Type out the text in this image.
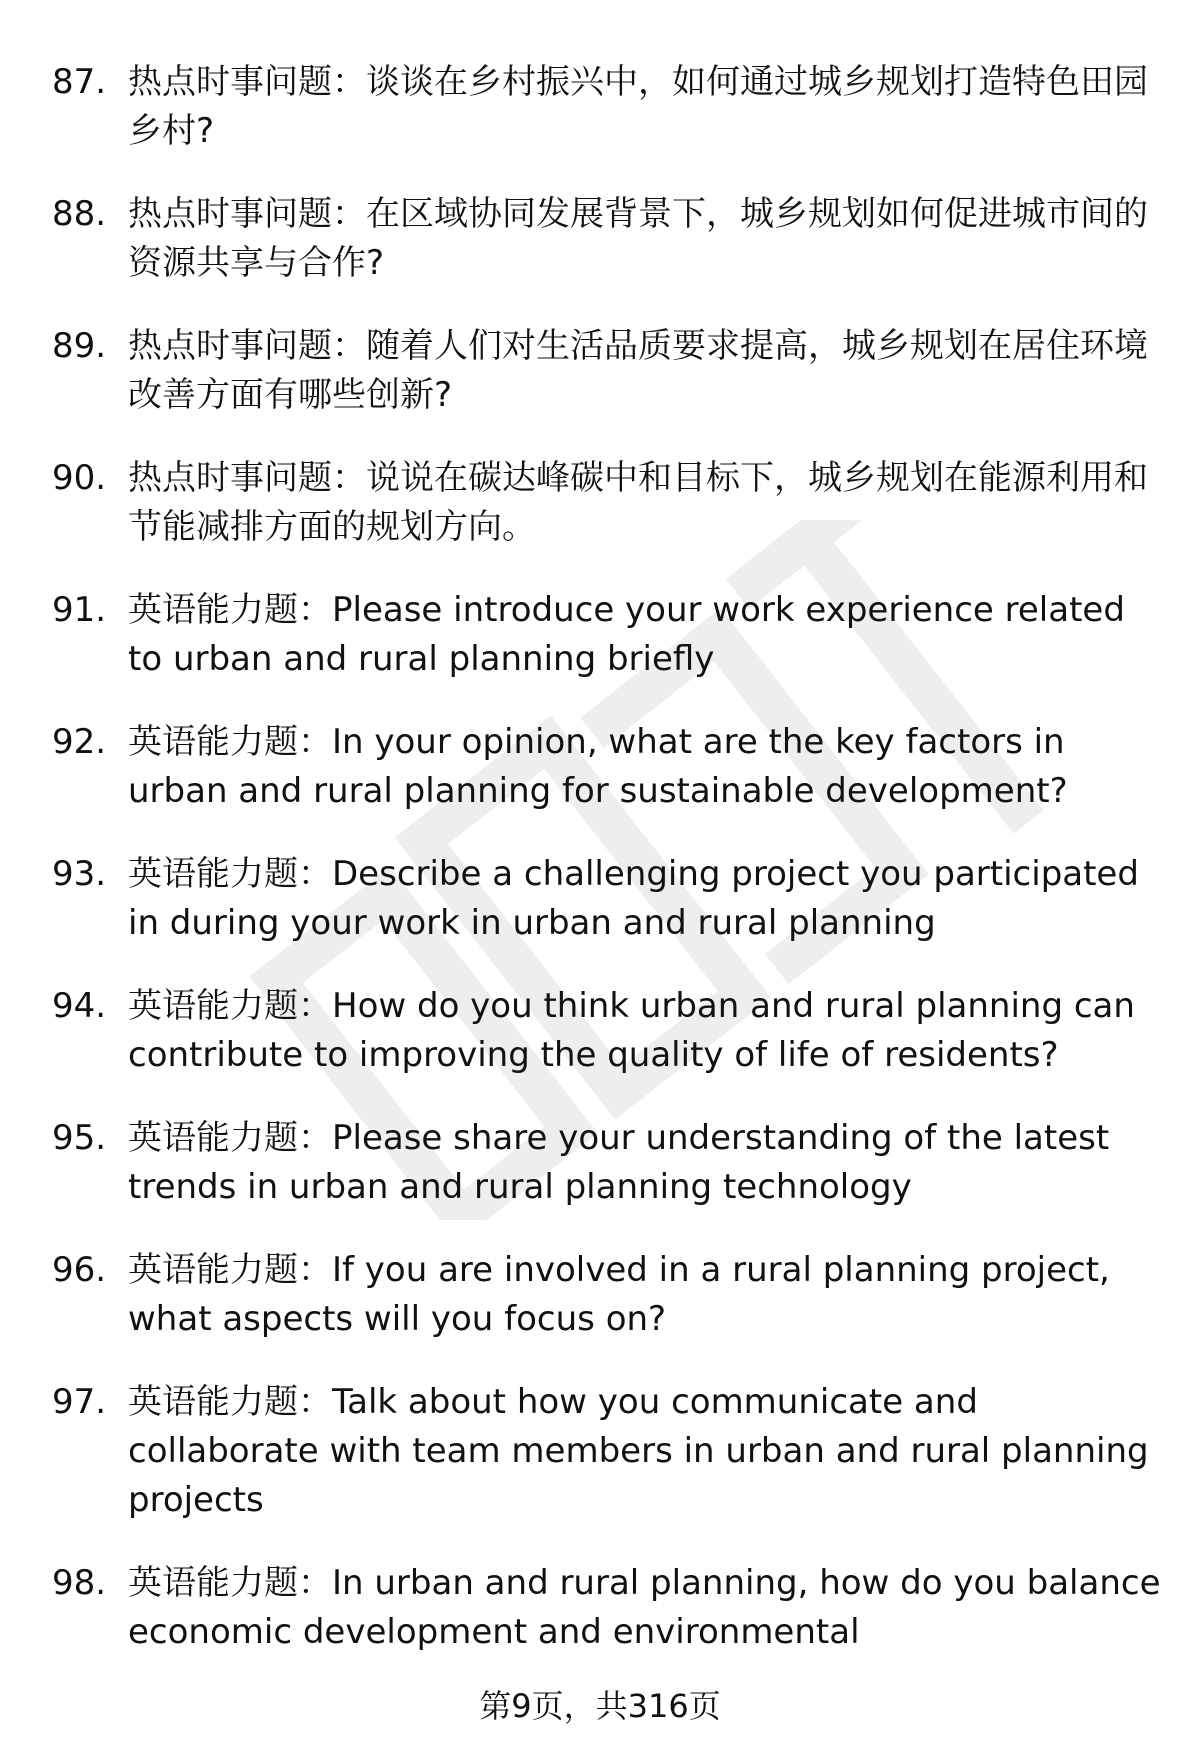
87. 热点时事问题：谈谈在乡村振兴中，如何通过城乡规划打造特色田园乡村?
88. 热点时事问题：在区域协同发展背景下，城乡规划如何促进城市间的资源共享与合作?
89. 热点时事问题：随着人们对生活品质要求提高，城乡规划在居住环境改善方面有哪些创新?
90. 热点时事问题：说说在碳达峰碳中和目标下，城乡规划在能源利用和节能减排方面的规划方向。
91. 英语能力题：Please introduce your work experience related to urban and rural planning briefly
92. 英语能力题：In your opinion, what are the key factors in urban and rural planning for sustainable development?
93. 英语能力题：Describe a challenging project you participated in during your work in urban and rural planning
94. 英语能力题：How do you think urban and rural planning can contribute to improving the quality of life of residents?
95. 英语能力题：Please share your understanding of the latest trends in urban and rural planning technology
96. 英语能力题：If you are involved in a rural planning project, what aspects will you focus on?
97. 英语能力题：Talk about how you communicate and collaborate with team members in urban and rural planning projects
98. 英语能力题：In urban and rural planning, how do you balance economic development and environmental
第9页，共316页
